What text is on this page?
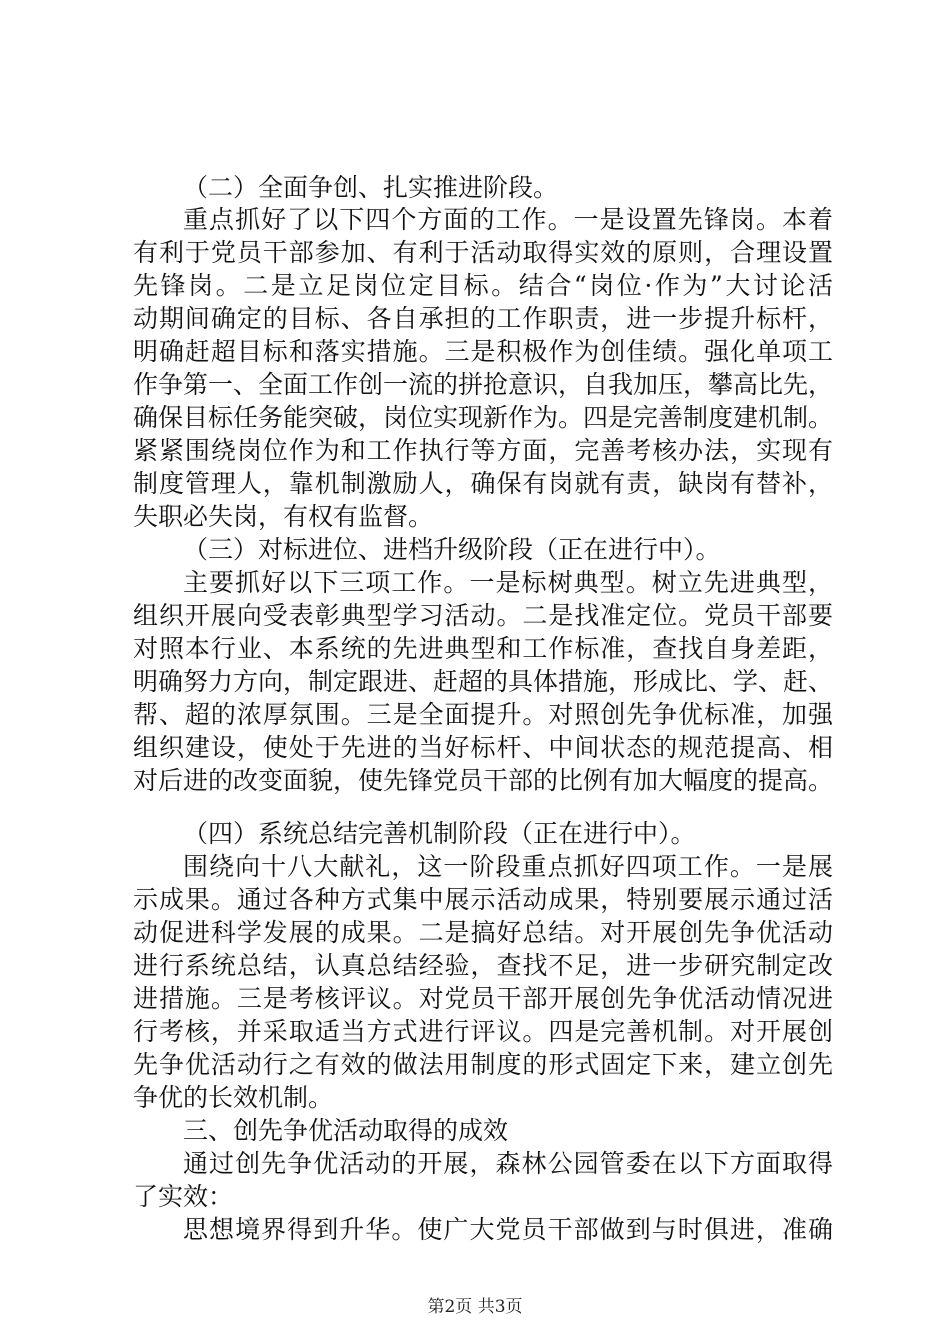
（二）全面争创、扎实推进阶段。
重点抓好了以下四个方面的工作。一是设置先锋岗。本着
有利于党员干部参加、有利于活动取得实效的原则，合理设置
先锋岗。二是立足岗位定目标。结合“岗位·作为”大讨论活
动期间确定的目标、各自承担的工作职责，进一步提升标杆，
明确赶超目标和落实措施。三是积极作为创佳绩。强化单项工
作争第一、全面工作创一流的拼抢意识，自我加压，攀高比先，
确保目标任务能突破，岗位实现新作为。四是完善制度建机制。
紧紧围绕岗位作为和工作执行等方面，完善考核办法，实现有
制度管理人，靠机制激励人，确保有岗就有责，缺岗有替补，
失职必失岗，有权有监督。
（三）对标进位、进档升级阶段（正在进行中）。
主要抓好以下三项工作。一是标树典型。树立先进典型，
组织开展向受表彰典型学习活动。二是找准定位。党员干部要
对照本行业、本系统的先进典型和工作标准，查找自身差距，
明确努力方向，制定跟进、赶超的具体措施，形成比、学、赶、
帮、超的浓厚氛围。三是全面提升。对照创先争优标准，加强
组织建设，使处于先进的当好标杆、中间状态的规范提高、相
对后进的改变面貌，使先锋党员干部的比例有加大幅度的提高。
（四）系统总结完善机制阶段（正在进行中）。
围绕向十八大献礼，这一阶段重点抓好四项工作。一是展
示成果。通过各种方式集中展示活动成果，特别要展示通过活
动促进科学发展的成果。二是搞好总结。对开展创先争优活动
进行系统总结，认真总结经验，查找不足，进一步研究制定改
进措施。三是考核评议。对党员干部开展创先争优活动情况进
行考核，并采取适当方式进行评议。四是完善机制。对开展创
先争优活动行之有效的做法用制度的形式固定下来，建立创先
争优的长效机制。
三、创先争优活动取得的成效
通过创先争优活动的开展，森林公园管委在以下方面取得
了实效：
思想境界得到升华。使广大党员干部做到与时俱进，准确
第2页 共3页
